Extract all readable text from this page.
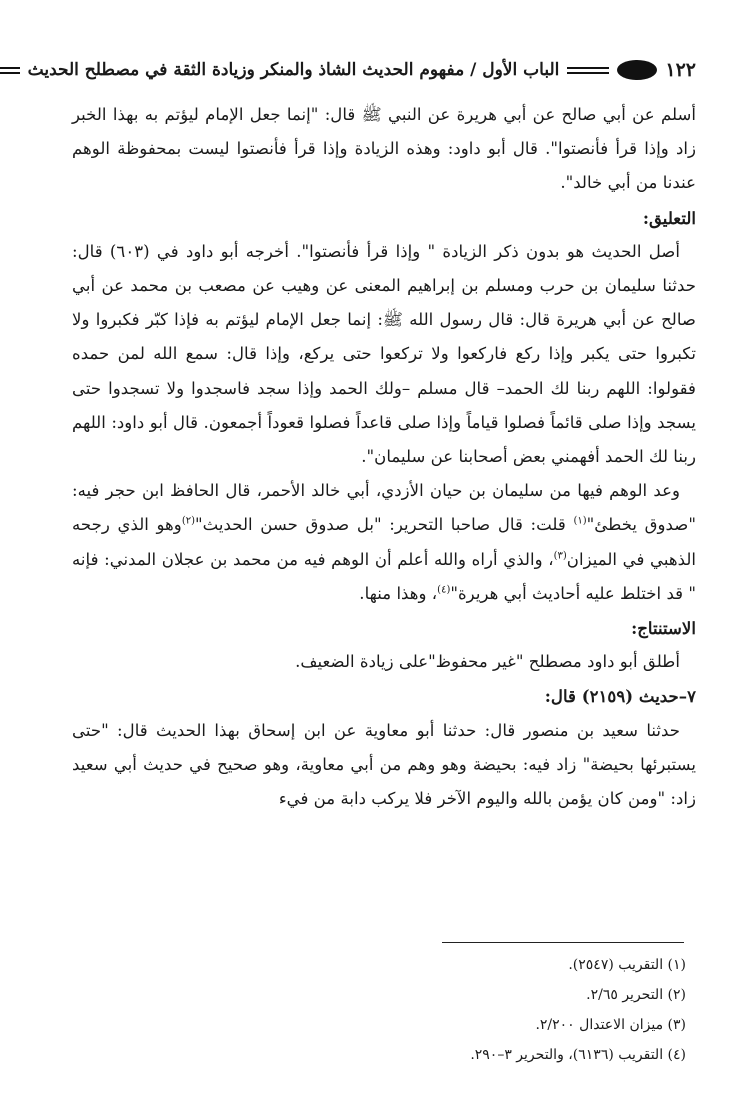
١٢٢
الباب الأول / مفهوم الحديث الشاذ والمنكر وزيادة الثقة في مصطلح الحديث

أسلم عن أبي صالح عن أبي هريرة عن النبي ﷺ قال: "إنما جعل الإمام ليؤتم به بهذا الخبر زاد وإذا قرأ فأنصتوا". قال أبو داود: وهذه الزيادة وإذا قرأ فأنصتوا ليست بمحفوظة الوهم عندنا من أبي خالد".

التعليق:

أصل الحديث هو بدون ذكر الزيادة " وإذا قرأ فأنصتوا". أخرجه أبو داود في (٦٠٣) قال: حدثنا سليمان بن حرب ومسلم بن إبراهيم المعنى عن وهيب عن مصعب بن محمد عن أبي صالح عن أبي هريرة قال: قال رسول الله ﷺ: إنما جعل الإمام ليؤتم به فإذا كبّر فكبروا ولا تكبروا حتى يكبر وإذا ركع فاركعوا ولا تركعوا حتى يركع، وإذا قال: سمع الله لمن حمده فقولوا: اللهم ربنا لك الحمد– قال مسلم –ولك الحمد وإذا سجد فاسجدوا ولا تسجدوا حتى يسجد وإذا صلى قائماً فصلوا قياماً وإذا صلى قاعداً فصلوا قعوداً أجمعون. قال أبو داود: اللهم ربنا لك الحمد أفهمني بعض أصحابنا عن سليمان".

وعد الوهم فيها من سليمان بن حيان الأزدي، أبي خالد الأحمر، قال الحافظ ابن حجر فيه: "صدوق يخطئ"$^{(١)}$ قلت: قال صاحبا التحرير: "بل صدوق حسن الحديث"$^{(٢)}$وهو الذي رجحه الذهبي في الميزان$^{(٣)}$، والذي أراه والله أعلم أن الوهم فيه من محمد بن عجلان المدني: فإنه " قد اختلط عليه أحاديث أبي هريرة"$^{(٤)}$، وهذا منها.

الاستنتاج:

أطلق أبو داود مصطلح "غير محفوظ"على زيادة الضعيف.

٧–حديث (٢١٥٩) قال:

حدثنا سعيد بن منصور قال: حدثنا أبو معاوية عن ابن إسحاق بهذا الحديث قال: "حتى يستبرئها بحيضة" زاد فيه: بحيضة وهو وهم من أبي معاوية، وهو صحيح في حديث أبي سعيد زاد: "ومن كان يؤمن بالله واليوم الآخر فلا يركب دابة من فيء

(١) التقريب (٢٥٤٧).
(٢) التحرير ٢/٦٥.
(٣) ميزان الاعتدال ٢/٢٠٠.
(٤) التقريب (٦١٣٦)، والتحرير ٣–٢٩٠.
